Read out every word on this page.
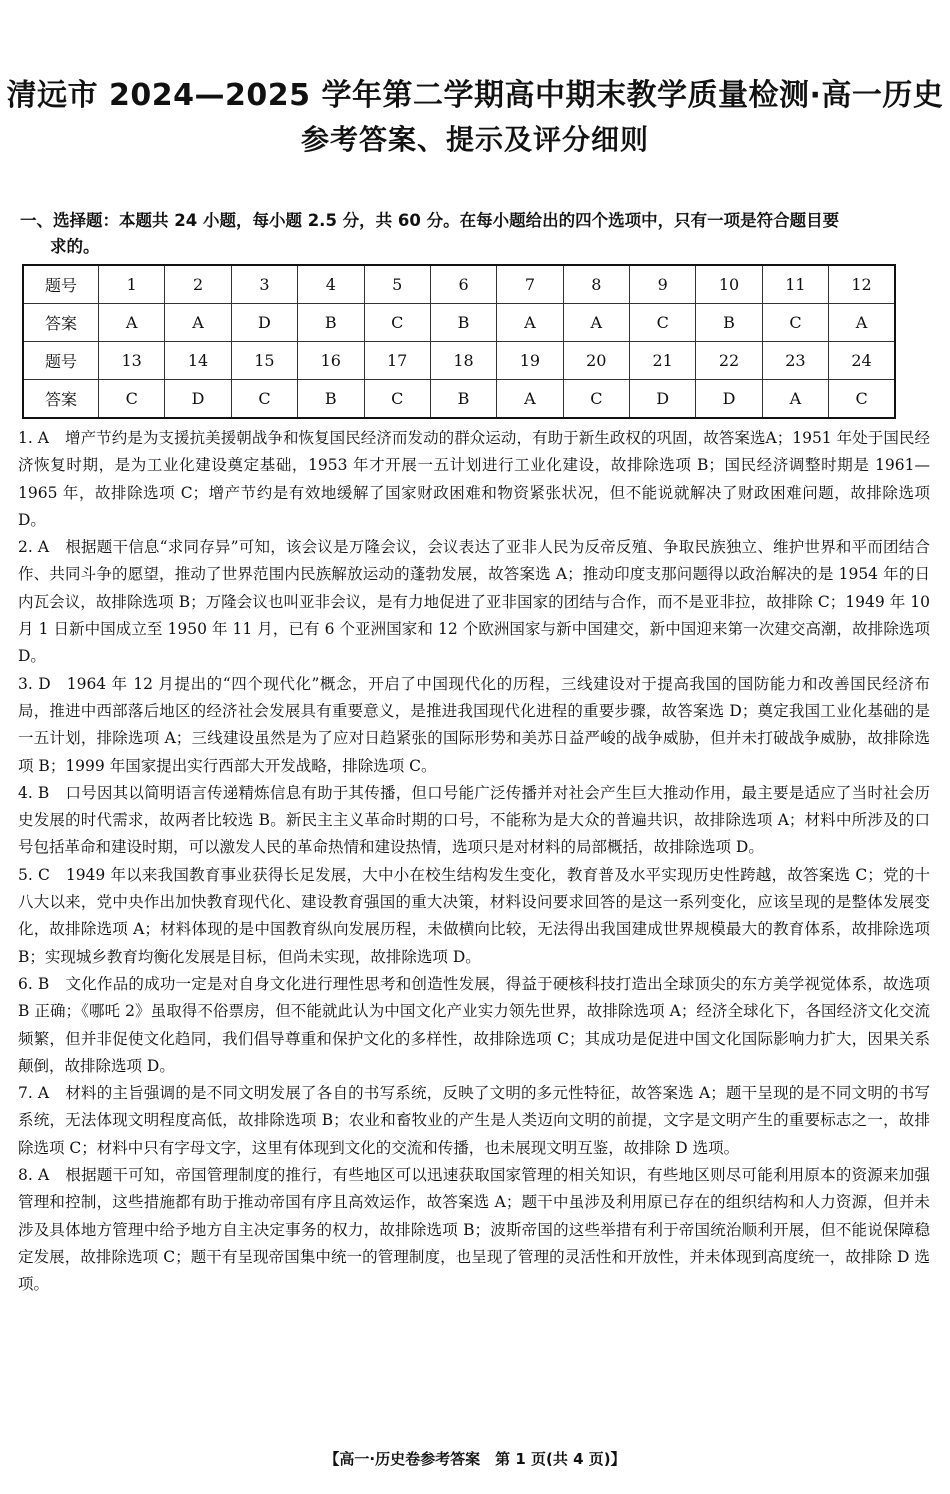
清远市 2024—2025 学年第二学期高中期末教学质量检测·高一历史
参考答案、提示及评分细则
一、选择题：本题共 24 小题，每小题 2.5 分，共 60 分。在每小题给出的四个选项中，只有一项是符合题目要
求的。
题号	1	2	3	4	5	6	7	8	9	10	11	12
答案	A	A	D	B	C	B	A	A	C	B	C	A
题号	13	14	15	16	17	18	19	20	21	22	23	24
答案	C	D	C	B	C	B	A	C	D	D	A	C

1. A 增产节约是为支援抗美援朝战争和恢复国民经济而发动的群众运动，有助于新生政权的巩固，故答案选A；1951 年处于国民经济恢复时期，是为工业化建设奠定基础，1953 年才开展一五计划进行工业化建设，故排除选项 B；国民经济调整时期是 1961—1965 年，故排除选项 C；增产节约是有效地缓解了国家财政困难和物资紧张状况，但不能说就解决了财政困难问题，故排除选项 D。

2. A 根据题干信息“求同存异”可知，该会议是万隆会议，会议表达了亚非人民为反帝反殖、争取民族独立、维护世界和平而团结合作、共同斗争的愿望，推动了世界范围内民族解放运动的蓬勃发展，故答案选 A；推动印度支那问题得以政治解决的是 1954 年的日内瓦会议，故排除选项 B；万隆会议也叫亚非会议，是有力地促进了亚非国家的团结与合作，而不是亚非拉，故排除 C；1949 年 10 月 1 日新中国成立至 1950 年 11 月，已有 6 个亚洲国家和 12 个欧洲国家与新中国建交，新中国迎来第一次建交高潮，故排除选项 D。

3. D 1964 年 12 月提出的“四个现代化”概念，开启了中国现代化的历程，三线建设对于提高我国的国防能力和改善国民经济布局，推进中西部落后地区的经济社会发展具有重要意义，是推进我国现代化进程的重要步骤，故答案选 D；奠定我国工业化基础的是一五计划，排除选项 A；三线建设虽然是为了应对日趋紧张的国际形势和美苏日益严峻的战争威胁，但并未打破战争威胁，故排除选项 B；1999 年国家提出实行西部大开发战略，排除选项 C。

4. B 口号因其以简明语言传递精炼信息有助于其传播，但口号能广泛传播并对社会产生巨大推动作用，最主要是适应了当时社会历史发展的时代需求，故两者比较选 B。新民主主义革命时期的口号，不能称为是大众的普遍共识，故排除选项 A；材料中所涉及的口号包括革命和建设时期，可以激发人民的革命热情和建设热情，选项只是对材料的局部概括，故排除选项 D。

5. C 1949 年以来我国教育事业获得长足发展，大中小在校生结构发生变化，教育普及水平实现历史性跨越，故答案选 C；党的十八大以来，党中央作出加快教育现代化、建设教育强国的重大决策，材料设问要求回答的是这一系列变化，应该呈现的是整体发展变化，故排除选项 A；材料体现的是中国教育纵向发展历程，未做横向比较，无法得出我国建成世界规模最大的教育体系，故排除选项 B；实现城乡教育均衡化发展是目标，但尚未实现，故排除选项 D。

6. B 文化作品的成功一定是对自身文化进行理性思考和创造性发展，得益于硬核科技打造出全球顶尖的东方美学视觉体系，故选项 B 正确；《哪吒 2》虽取得不俗票房，但不能就此认为中国文化产业实力领先世界，故排除选项 A；经济全球化下，各国经济文化交流频繁，但并非促使文化趋同，我们倡导尊重和保护文化的多样性，故排除选项 C；其成功是促进中国文化国际影响力扩大，因果关系颠倒，故排除选项 D。

7. A 材料的主旨强调的是不同文明发展了各自的书写系统，反映了文明的多元性特征，故答案选 A；题干呈现的是不同文明的书写系统，无法体现文明程度高低，故排除选项 B；农业和畜牧业的产生是人类迈向文明的前提，文字是文明产生的重要标志之一，故排除选项 C；材料中只有字母文字，这里有体现到文化的交流和传播，也未展现文明互鉴，故排除 D 选项。

8. A 根据题干可知，帝国管理制度的推行，有些地区可以迅速获取国家管理的相关知识，有些地区则尽可能利用原本的资源来加强管理和控制，这些措施都有助于推动帝国有序且高效运作，故答案选 A；题干中虽涉及利用原已存在的组织结构和人力资源，但并未涉及具体地方管理中给予地方自主决定事务的权力，故排除选项 B；波斯帝国的这些举措有利于帝国统治顺利开展，但不能说保障稳定发展，故排除选项 C；题干有呈现帝国集中统一的管理制度，也呈现了管理的灵活性和开放性，并未体现到高度统一，故排除 D 选项。

【高一·历史卷参考答案　第 1 页(共 4 页)】
